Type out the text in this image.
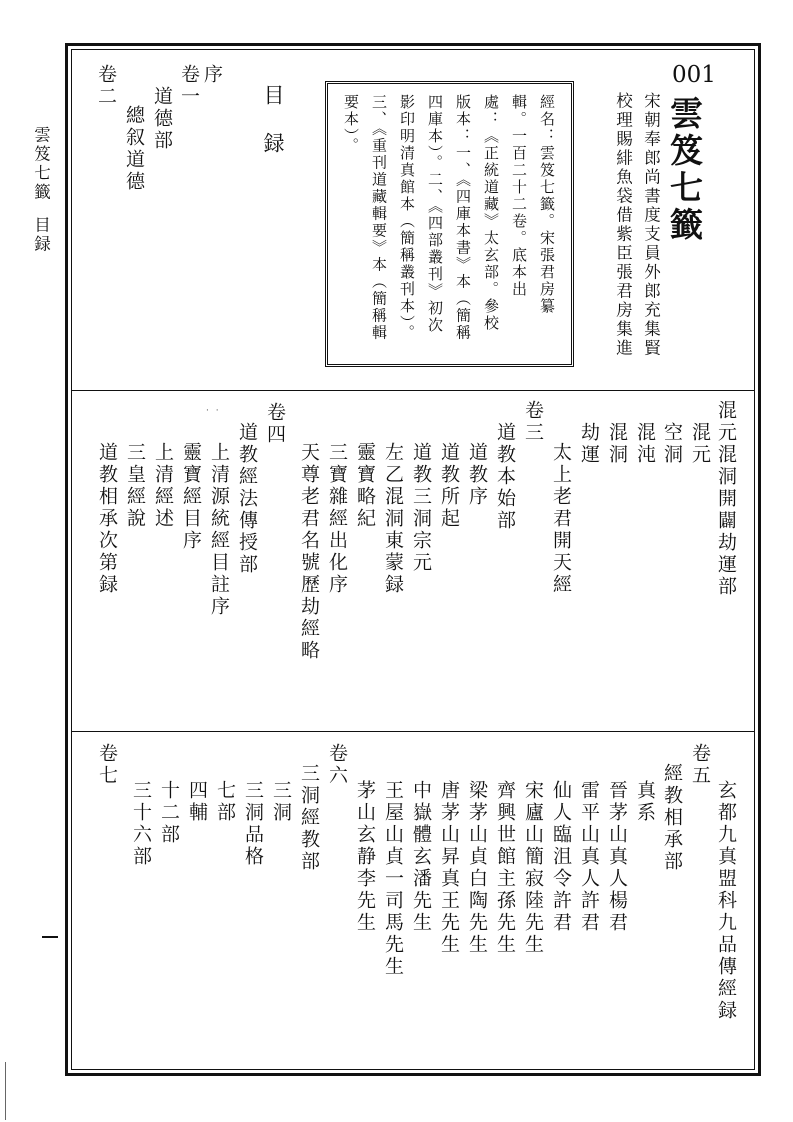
雲笈七籤
目録
001
雲笈七籤
宋朝奉郎尚書度支員外郎充集賢
校理賜緋魚袋借紫臣張君房集進
經名：雲笈七籤。宋張君房纂
輯。一百二十二卷。底本出
處：《正統道藏》太玄部。參校
版本：一、《四庫本書》本（簡稱
四庫本）。二、《四部叢刊》初次
影印明清真館本（簡稱叢刊本）。
三、《重刊道藏輯要》本（簡稱輯
要本）。
目
録
序
卷一
道德部
總叙道德
卷二
混元混洞開闢劫運部
混元
空洞
混沌
混洞
劫運
太上老君開天經
卷三
道教本始部
道教序
道教所起
道教三洞宗元
左乙混洞東蒙録
靈寶略紀
三寶雜經出化序
天尊老君名號歷劫經略
卷四
道教經法傳授部
上清源統經目註序
靈寶經目序
上清經述
三皇經說
道教相承次第録
· ·
玄都九真盟科九品傳經録
卷五
經教相承部
真系
晉茅山真人楊君
雷平山真人許君
仙人臨沮令許君
宋廬山簡寂陸先生
齊興世館主孫先生
梁茅山貞白陶先生
唐茅山昇真王先生
中嶽體玄潘先生
王屋山貞一司馬先生
茅山玄静李先生
卷六
三洞經教部
三洞
三洞品格
七部
四輔
十二部
三十六部
卷七
